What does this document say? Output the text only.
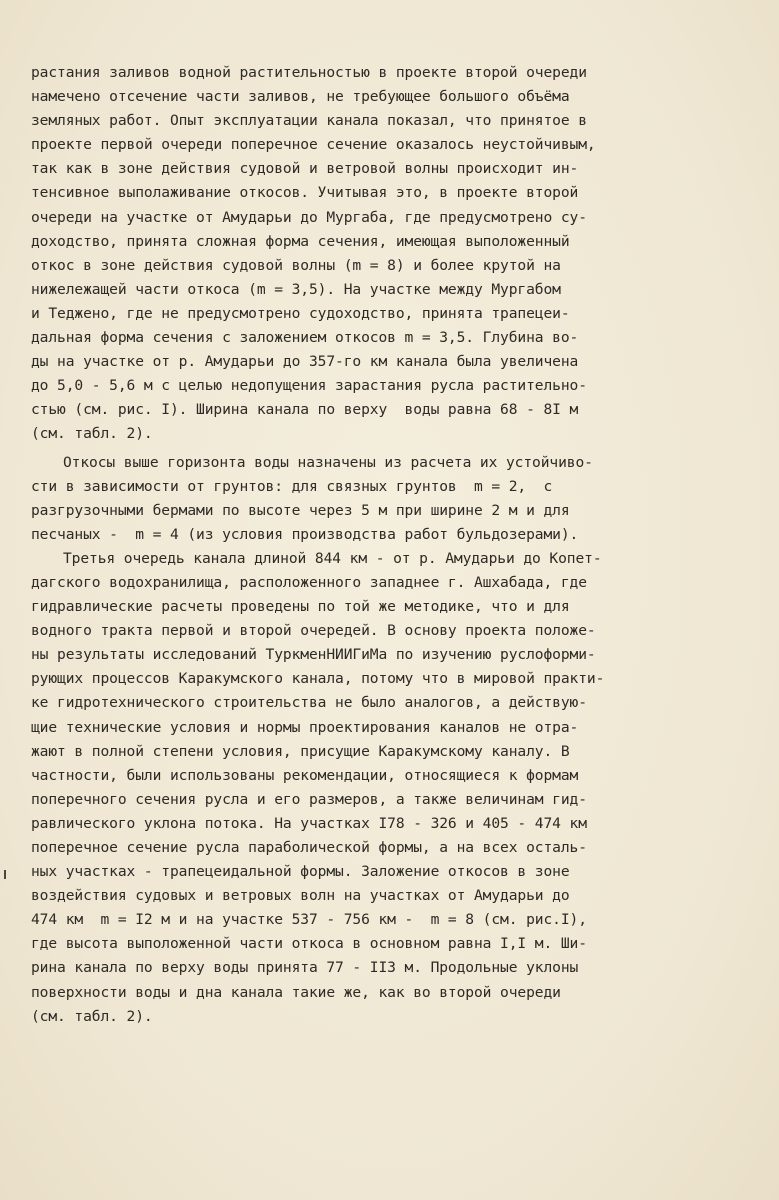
растания заливов водной растительностью в проекте второй очереди
намечено отсечение части заливов, не требующее большого объёма
земляных работ. Опыт эксплуатации канала показал, что принятое в
проекте первой очереди поперечное сечение оказалось неустойчивым,
так как в зоне действия судовой и ветровой волны происходит ин-
тенсивное выполаживание откосов. Учитывая это, в проекте второй
очереди на участке от Амударьи до Мургаба, где предусмотрено су-
доходство, принята сложная форма сечения, имеющая выположенный
откос в зоне действия судовой волны (m = 8) и более крутой на
нижележащей части откоса (m = 3,5). На участке между Мургабом
и Теджено, где не предусмотрено судоходство, принята трапецеи-
дальная форма сечения с заложением откосов m = 3,5. Глубина во-
ды на участке от р. Амударьи до 357-го км канала была увеличена
до 5,0 - 5,6 м с целью недопущения зарастания русла растительно-
стью (см. рис. I). Ширина канала по верху  воды равна 68 - 8I м
(см. табл. 2).
Откосы выше горизонта воды назначены из расчета их устойчиво-
сти в зависимости от грунтов: для связных грунтов  m = 2,  с
разгрузочными бермами по высоте через 5 м при ширине 2 м и для
песчаных -  m = 4 (из условия производства работ бульдозерами).
Третья очередь канала длиной 844 км - от р. Амударьи до Копет-
дагского водохранилища, расположенного западнее г. Ашхабада, где
гидравлические расчеты проведены по той же методике, что и для
водного тракта первой и второй очередей. В основу проекта положе-
ны результаты исследований ТуркменНИИГиМа по изучению руслоформи-
рующих процессов Каракумского канала, потому что в мировой практи-
ке гидротехнического строительства не было аналогов, а действую-
щие технические условия и нормы проектирования каналов не отра-
жают в полной степени условия, присущие Каракумскому каналу. В
частности, были использованы рекомендации, относящиеся к формам
поперечного сечения русла и его размеров, а также величинам гид-
равлического уклона потока. На участках I78 - 326 и 405 - 474 км
поперечное сечение русла параболической формы, а на всех осталь-
ных участках - трапецеидальной формы. Заложение откосов в зоне
воздействия судовых и ветровых волн на участках от Амударьи до
474 км  m = I2 м и на участке 537 - 756 км -  m = 8 (см. рис.I),
где высота выположенной части откоса в основном равна I,I м. Ши-
рина канала по верху воды принята 77 - II3 м. Продольные уклоны
поверхности воды и дна канала такие же, как во второй очереди
(см. табл. 2).
